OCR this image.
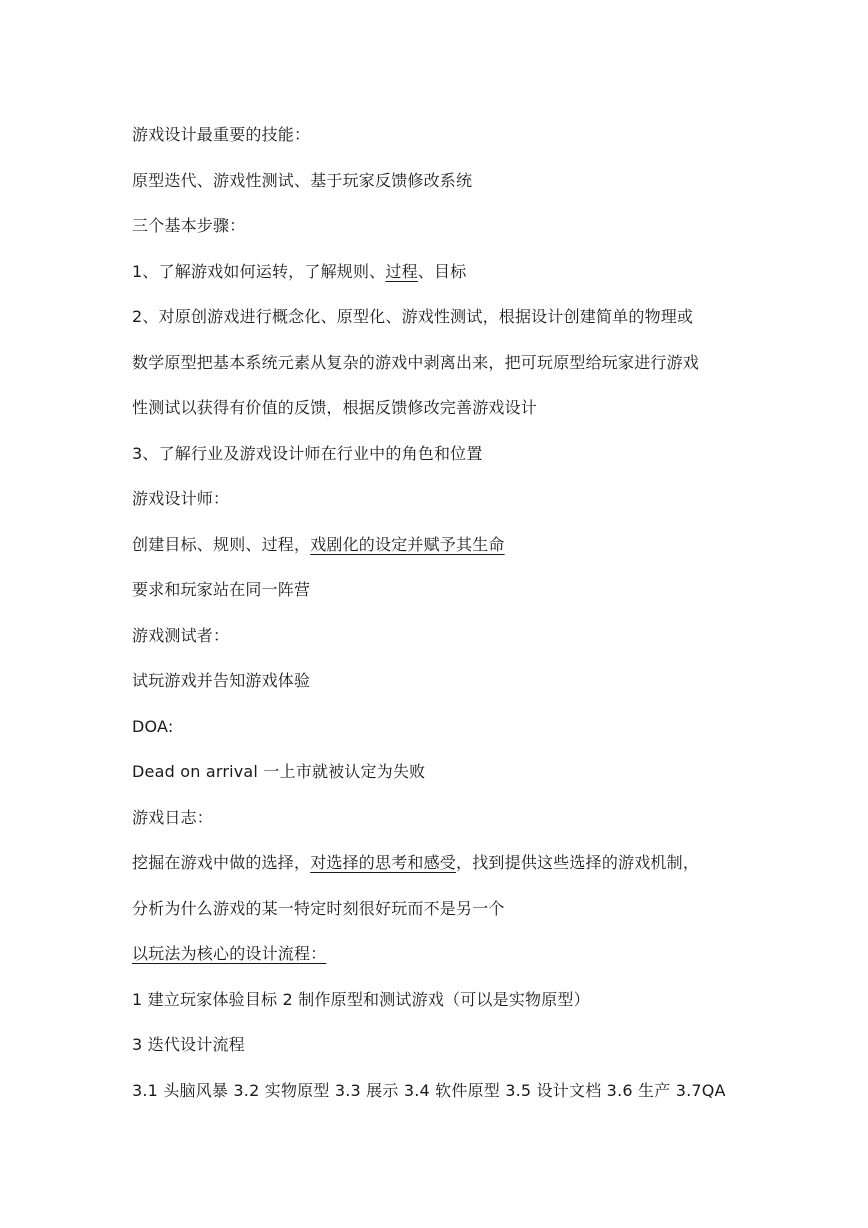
游戏设计最重要的技能：
原型迭代、游戏性测试、基于玩家反馈修改系统
三个基本步骤：
1、了解游戏如何运转，了解规则、过程、目标
2、对原创游戏进行概念化、原型化、游戏性测试，根据设计创建简单的物理或
数学原型把基本系统元素从复杂的游戏中剥离出来，把可玩原型给玩家进行游戏
性测试以获得有价值的反馈，根据反馈修改完善游戏设计
3、了解行业及游戏设计师在行业中的角色和位置
游戏设计师：
创建目标、规则、过程，戏剧化的设定并赋予其生命
要求和玩家站在同一阵营
游戏测试者：
试玩游戏并告知游戏体验
DOA:
Dead on arrival 一上市就被认定为失败
游戏日志：
挖掘在游戏中做的选择，对选择的思考和感受，找到提供这些选择的游戏机制，
分析为什么游戏的某一特定时刻很好玩而不是另一个
以玩法为核心的设计流程：
1 建立玩家体验目标 2 制作原型和测试游戏（可以是实物原型）
3 迭代设计流程
3.1 头脑风暴 3.2 实物原型 3.3 展示 3.4 软件原型 3.5 设计文档 3.6 生产 3.7QA
